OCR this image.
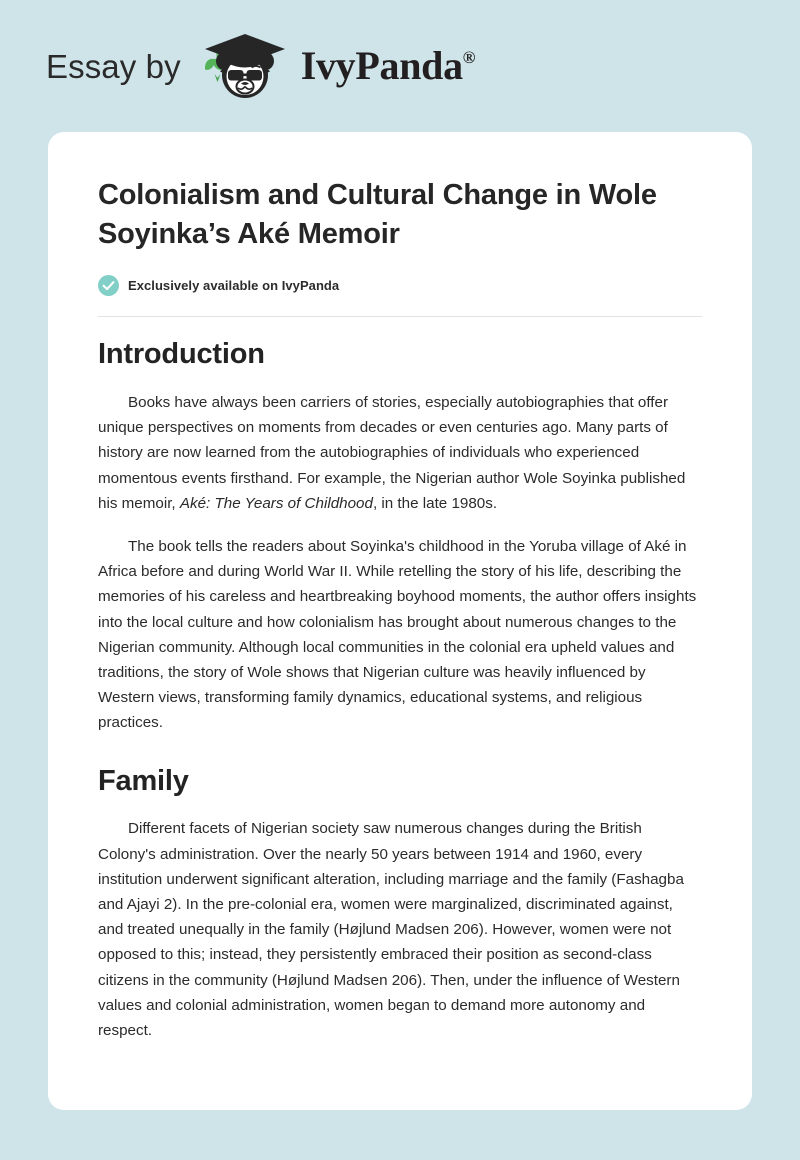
Essay by	IvyPanda®
Colonialism and Cultural Change in Wole Soyinka’s Aké Memoir
Exclusively available on IvyPanda
Introduction

Books have always been carriers of stories, especially autobiographies that offer unique perspectives on moments from decades or even centuries ago. Many parts of history are now learned from the autobiographies of individuals who experienced momentous events firsthand. For example, the Nigerian author Wole Soyinka published his memoir, Aké: The Years of Childhood, in the late 1980s.

The book tells the readers about Soyinka's childhood in the Yoruba village of Aké in Africa before and during World War II. While retelling the story of his life, describing the memories of his careless and heartbreaking boyhood moments, the author offers insights into the local culture and how colonialism has brought about numerous changes to the Nigerian community. Although local communities in the colonial era upheld values and traditions, the story of Wole shows that Nigerian culture was heavily influenced by Western views, transforming family dynamics, educational systems, and religious practices.

Family

Different facets of Nigerian society saw numerous changes during the British Colony's administration. Over the nearly 50 years between 1914 and 1960, every institution underwent significant alteration, including marriage and the family (Fashagba and Ajayi 2). In the pre-colonial era, women were marginalized, discriminated against, and treated unequally in the family (Højlund Madsen 206). However, women were not opposed to this; instead, they persistently embraced their position as second-class citizens in the community (Højlund Madsen 206). Then, under the influence of Western values and colonial administration, women began to demand more autonomy and respect.
